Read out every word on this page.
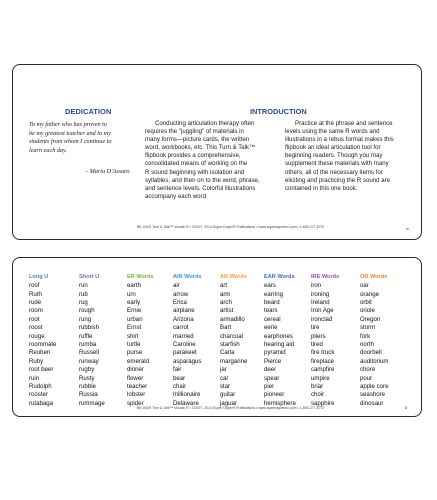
DEDICATION
To my father who has proven to
be my greatest teacher and to my
students from whom I continue to
learn each day.
– Maria D'Assaro
INTRODUCTION
Conducting articulation therapy often
requires the "juggling" of materials in
many forms—picture cards, the written
word, workbooks, etc. This Turn & Talk™
flipbook provides a comprehensive,
consolidated means of working on the
R sound beginning with isolation and
syllables, and then on to the word, phrase,
and sentence levels. Colorful illustrations
accompany each word.
Practice at the phrase and sentence
levels using the same R words and
illustrations in a rebus format makes this
flipbook an ideal articulation tool for
beginning readers. Though you may
supplement these materials with many
others, all of the necessary items for
eliciting and practicing the R sound are
contained in this one book.
BK-041R Turn & Talk™ Vocalic R • ©2007, 2014 Super Duper® Publications • www.superduperinc.com • 1-800-277-8737	iv
Long U
roof
Ruth
rude
room
root
roost
rouge
roommate
Reuben
Ruby
root beer
ruin
Rudolph
rooster
rutabaga
Short U
run
rub
rug
rough
rung
rubbish
ruffle
rumba
Russell
runway
rugby
Rusty
rubble
Russia
rummage
ER Words
earth
urn
early
Ernie
urban
Ernst
shirt
turtle
purse
emerald
dinner
flower
teacher
lobster
spider
AIR Words
air
arrow
Erica
airplane
Arizona
carrot
married
Caroline
parakeet
asparagus
fair
bear
chair
millionaire
Delaware
AR Words
art
arm
arch
artist
armadillo
Bart
charcoal
starfish
Carla
margarine
jar
car
star
guitar
jaguar
EAR Words
ears
earring
beard
tears
cereal
eerie
earphones
hearing aid
pyramid
Pierce
deer
spear
pier
pioneer
hemisphere
IRE Words
iron
ironing
Ireland
Iron Age
ironclad
tire
pliers
tired
fire truck
fireplace
campfire
umpire
briar
choir
sapphire
OR Words
oar
orange
orbit
oriole
Oregon
storm
fork
north
doorbell
auditorium
chore
pour
apple core
seashore
dinosaur
BK-041R Turn & Talk™ Vocalic R • ©2007, 2014 Super Duper® Publications • www.superduperinc.com • 1-800-277-8737	8
